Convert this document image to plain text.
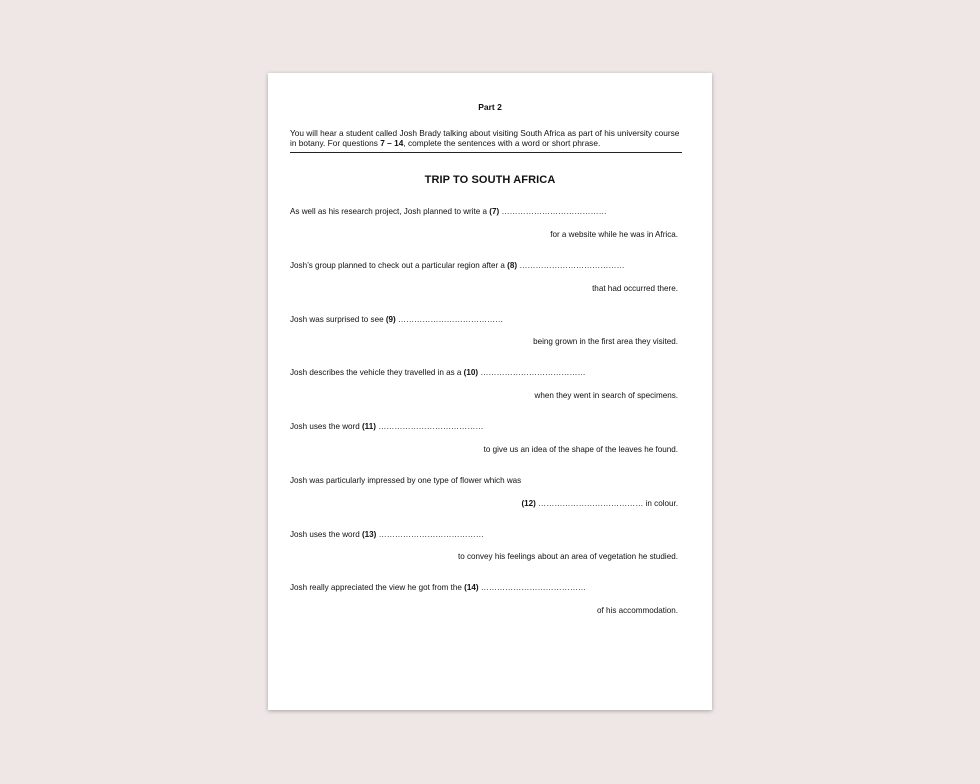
Part 2
You will hear a student called Josh Brady talking about visiting South Africa as part of his university course in botany. For questions 7 – 14, complete the sentences with a word or short phrase.
TRIP TO SOUTH AFRICA
As well as his research project, Josh planned to write a (7) …………………………………
for a website while he was in Africa.
Josh’s group planned to check out a particular region after a (8) …………………………………
that had occurred there.
Josh was surprised to see (9) …………………………………
being grown in the first area they visited.
Josh describes the vehicle they travelled in as a (10) …………………………………
when they went in search of specimens.
Josh uses the word (11) …………………………………
to give us an idea of the shape of the leaves he found.
Josh was particularly impressed by one type of flower which was
(12) ………………………………… in colour.
Josh uses the word (13) …………………………………
to convey his feelings about an area of vegetation he studied.
Josh really appreciated the view he got from the (14) …………………………………
of his accommodation.
